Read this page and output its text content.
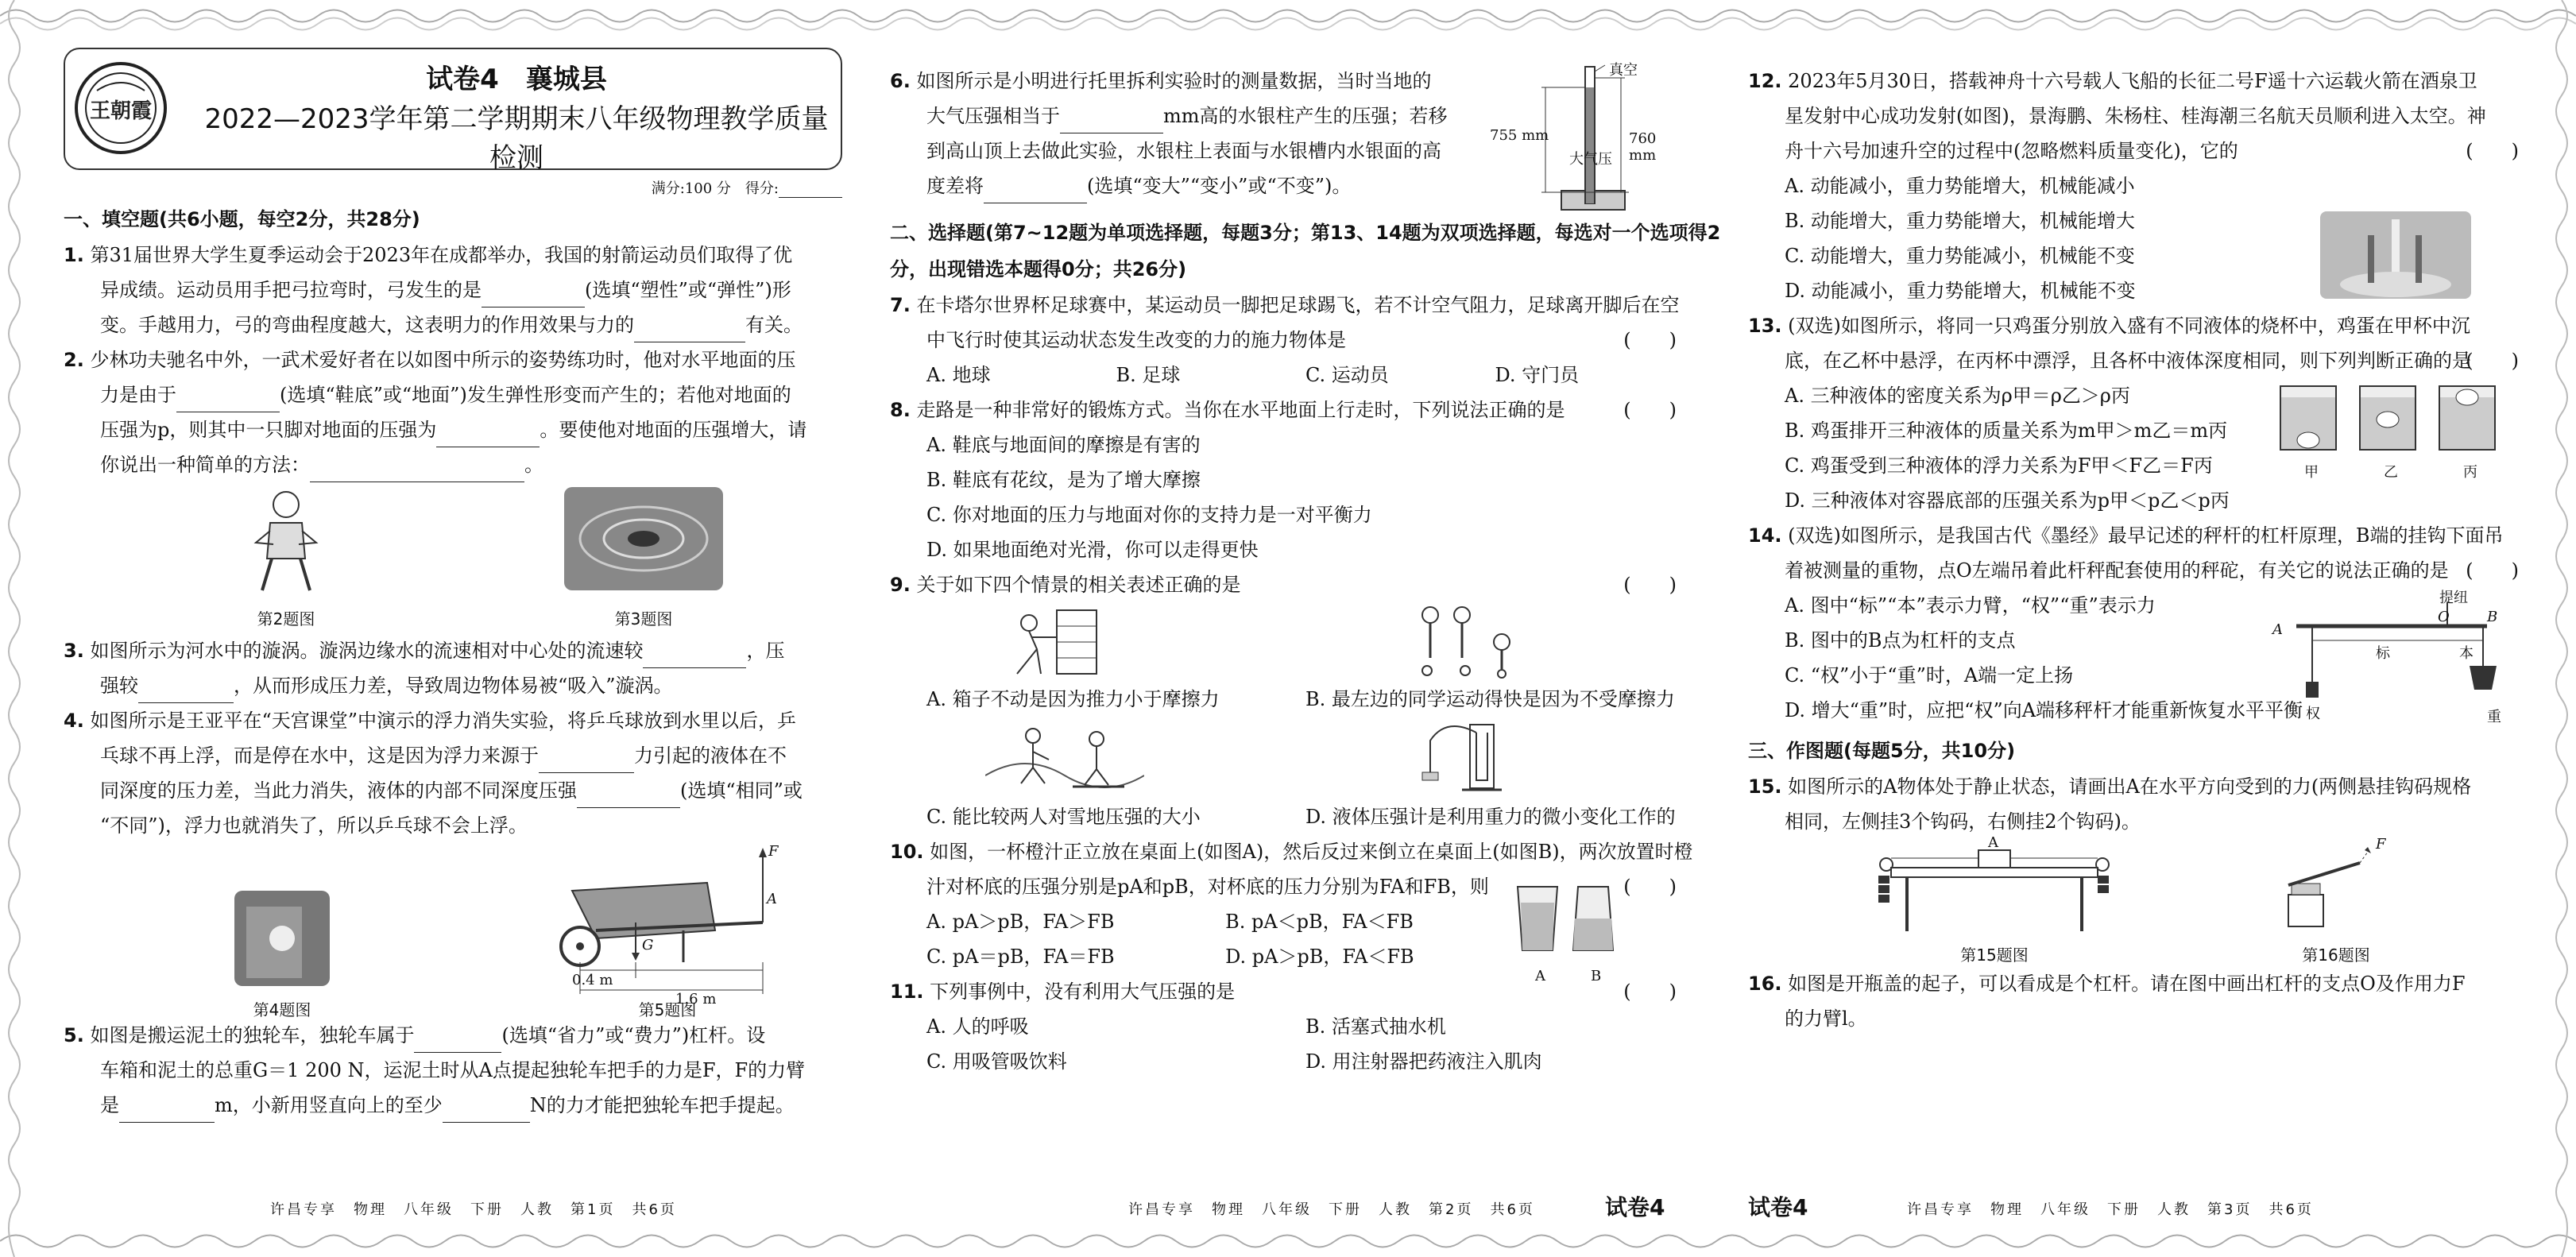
王朝霞
试卷4　襄城县
2022—2023学年第二学期期末八年级物理教学质量检测
满分:100 分　得分:
一、填空题(共6小题，每空2分，共28分)
1. 第31届世界大学生夏季运动会于2023年在成都举办，我国的射箭运动员们取得了优
异成绩。运动员用手把弓拉弯时，弓发生的是	(选填“塑性”或“弹性”)形
变。手越用力，弓的弯曲程度越大，这表明力的作用效果与力的	有关。
2. 少林功夫驰名中外，一武术爱好者在以如图中所示的姿势练功时，他对水平地面的压
力是由于	(选填“鞋底”或“地面”)发生弹性形变而产生的；若他对地面的
压强为p，则其中一只脚对地面的压强为	。要使他对地面的压强增大，请
你说出一种简单的方法：	。
第2题图	第3题图
3. 如图所示为河水中的漩涡。漩涡边缘水的流速相对中心处的流速较	，压
强较	，从而形成压力差，导致周边物体易被“吸入”漩涡。
4. 如图所示是王亚平在“天宫课堂”中演示的浮力消失实验，将乒乓球放到水里以后，乒
乓球不再上浮，而是停在水中，这是因为浮力来源于	力引起的液体在不
同深度的压力差，当此力消失，液体的内部不同深度压强	(选填“相同”或
“不同”)，浮力也就消失了，所以乒乓球不会上浮。
第4题图
F
A
G
0.4 m
1.6 m
第5题图
5. 如图是搬运泥土的独轮车，独轮车属于	(选填“省力”或“费力”)杠杆。设
车箱和泥土的总重G＝1 200 N，运泥土时从A点提起独轮车把手的力是F，F的力臂
是	m，小新用竖直向上的至少	N的力才能把独轮车把手提起。
许昌专享　物理　八年级　下册　人教　第1页　共6页
6. 如图所示是小明进行托里拆利实验时的测量数据，当时当地的
大气压强相当于	mm高的水银柱产生的压强；若移
到高山顶上去做此实验，水银柱上表面与水银槽内水银面的高
度差将	(选填“变大”“变小”或“不变”)。
真空
755 mm	760 mm
大气压
二、选择题(第7~12题为单项选择题，每题3分；第13、14题为双项选择题，每选对一个选项得2
分，出现错选本题得0分；共26分)
7. 在卡塔尔世界杯足球赛中，某运动员一脚把足球踢飞，若不计空气阻力，足球离开脚后在空
中飞行时使其运动状态发生改变的力的施力物体是	(　　)
A. 地球	B. 足球	C. 运动员	D. 守门员
8. 走路是一种非常好的锻炼方式。当你在水平地面上行走时，下列说法正确的是	(　　)
A. 鞋底与地面间的摩擦是有害的
B. 鞋底有花纹，是为了增大摩擦
C. 你对地面的压力与地面对你的支持力是一对平衡力
D. 如果地面绝对光滑，你可以走得更快
9. 关于如下四个情景的相关表述正确的是	(　　)
A. 箱子不动是因为推力小于摩擦力	B. 最左边的同学运动得快是因为不受摩擦力
C. 能比较两人对雪地压强的大小	D. 液体压强计是利用重力的微小变化工作的
10. 如图，一杯橙汁正立放在桌面上(如图A)，然后反过来倒立在桌面上(如图B)，两次放置时橙
汁对杯底的压强分别是pA和pB，对杯底的压力分别为FA和FB，则	(　　)
A. pA＞pB，FA＞FB	B. pA＜pB，FA＜FB
C. pA＝pB，FA＝FB	D. pA＞pB，FA＜FB
A	B
11. 下列事例中，没有利用大气压强的是	(　　)
A. 人的呼吸	B. 活塞式抽水机
C. 用吸管吸饮料	D. 用注射器把药液注入肌肉
许昌专享　物理　八年级　下册　人教　第2页　共6页	试卷4
12. 2023年5月30日，搭载神舟十六号载人飞船的长征二号F遥十六运载火箭在酒泉卫
星发射中心成功发射(如图)，景海鹏、朱杨柱、桂海潮三名航天员顺利进入太空。神
舟十六号加速升空的过程中(忽略燃料质量变化)，它的	(　　)
A. 动能减小，重力势能增大，机械能减小
B. 动能增大，重力势能增大，机械能增大
C. 动能增大，重力势能减小，机械能不变
D. 动能减小，重力势能增大，机械能不变
13. (双选)如图所示，将同一只鸡蛋分别放入盛有不同液体的烧杯中，鸡蛋在甲杯中沉
底，在乙杯中悬浮，在丙杯中漂浮，且各杯中液体深度相同，则下列判断正确的是
(　　)
A. 三种液体的密度关系为ρ甲＝ρ乙＞ρ丙
B. 鸡蛋排开三种液体的质量关系为m甲＞m乙＝m丙
C. 鸡蛋受到三种液体的浮力关系为F甲＜F乙＝F丙
D. 三种液体对容器底部的压强关系为p甲＜p乙＜p丙
甲	乙	丙
14. (双选)如图所示，是我国古代《墨经》最早记述的秤杆的杠杆原理，B端的挂钩下面吊
着被测量的重物，点O左端吊着此杆秤配套使用的秤砣，有关它的说法正确的是 (　　)
A. 图中“标”“本”表示力臂，“权”“重”表示力
B. 图中的B点为杠杆的支点
C. “权”小于“重”时，A端一定上扬
D. 增大“重”时，应把“权”向A端移秤杆才能重新恢复水平平衡
提纽
O	B
A
标	本
权	重
三、作图题(每题5分，共10分)
15. 如图所示的A物体处于静止状态，请画出A在水平方向受到的力(两侧悬挂钩码规格
相同，左侧挂3个钩码，右侧挂2个钩码)。
A
第15题图
F
第16题图
16. 如图是开瓶盖的起子，可以看成是个杠杆。请在图中画出杠杆的支点O及作用力F
的力臂l。
试卷4	许昌专享　物理　八年级　下册　人教　第3页　共6页
